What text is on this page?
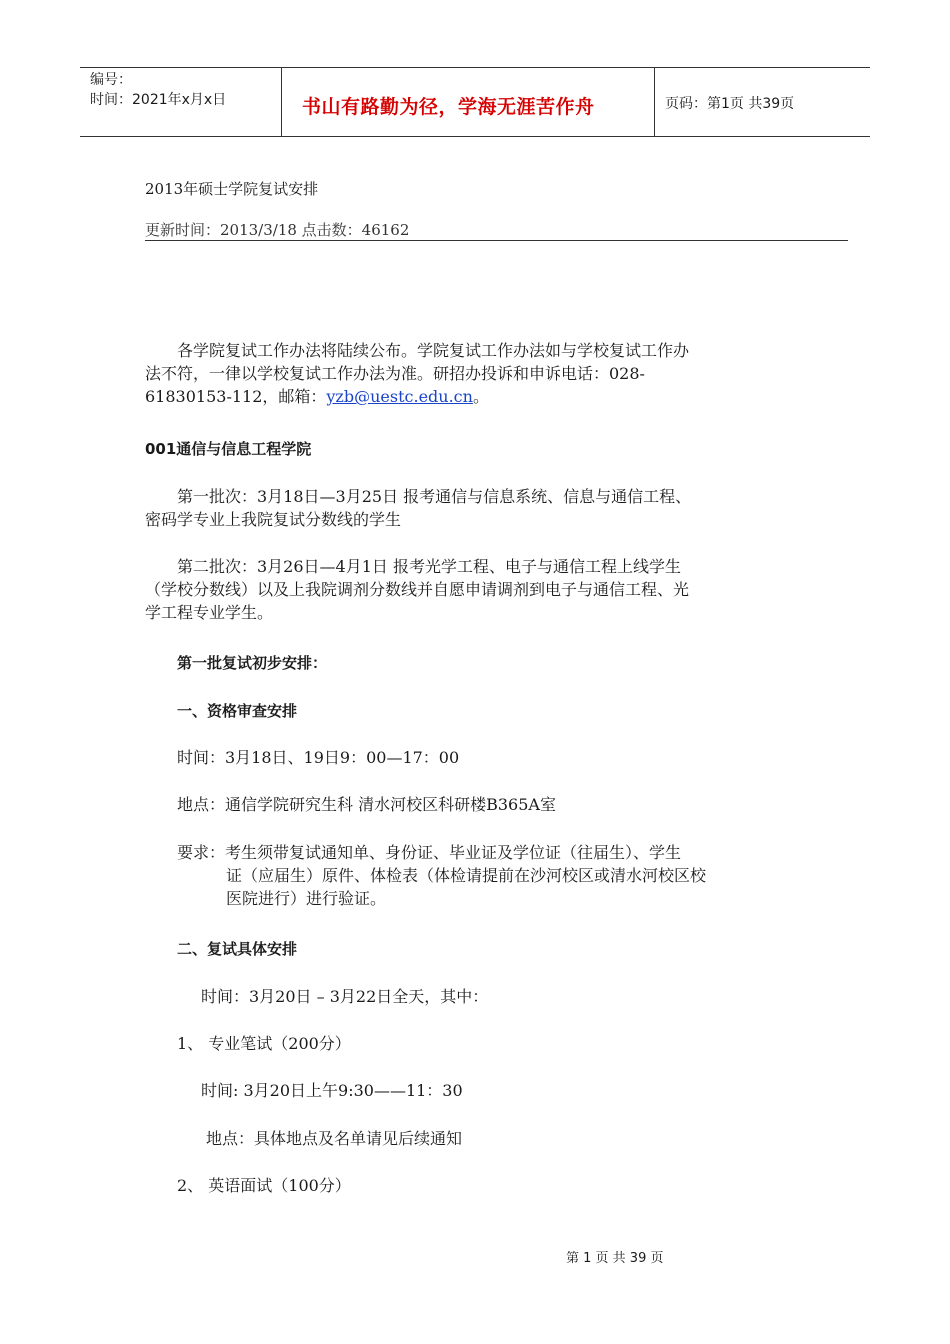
编号：
时间：2021年x月x日	书山有路勤为径，学海无涯苦作舟	页码：第1页 共39页
2013年硕士学院复试安排
更新时间：2013/3/18 点击数：46162
各学院复试工作办法将陆续公布。学院复试工作办法如与学校复试工作办
法不符，一律以学校复试工作办法为准。研招办投诉和申诉电话：028-
61830153-112，邮箱：yzb@uestc.edu.cn。
001通信与信息工程学院
第一批次：3月18日—3月25日 报考通信与信息系统、信息与通信工程、
密码学专业上我院复试分数线的学生
第二批次：3月26日—4月1日 报考光学工程、电子与通信工程上线学生
（学校分数线）以及上我院调剂分数线并自愿申请调剂到电子与通信工程、光
学工程专业学生。
第一批复试初步安排：
一、资格审查安排
时间：3月18日、19日9：00—17：00
地点：通信学院研究生科 清水河校区科研楼B365A室
要求：考生须带复试通知单、身份证、毕业证及学位证（往届生）、学生
证（应届生）原件、体检表（体检请提前在沙河校区或清水河校区校
医院进行）进行验证。
二、复试具体安排
时间：3月20日 – 3月22日全天，其中：
1、 专业笔试（200分）
时间: 3月20日上午9:30——11：30
地点：具体地点及名单请见后续通知
2、 英语面试（100分）
第 1 页 共 39 页
